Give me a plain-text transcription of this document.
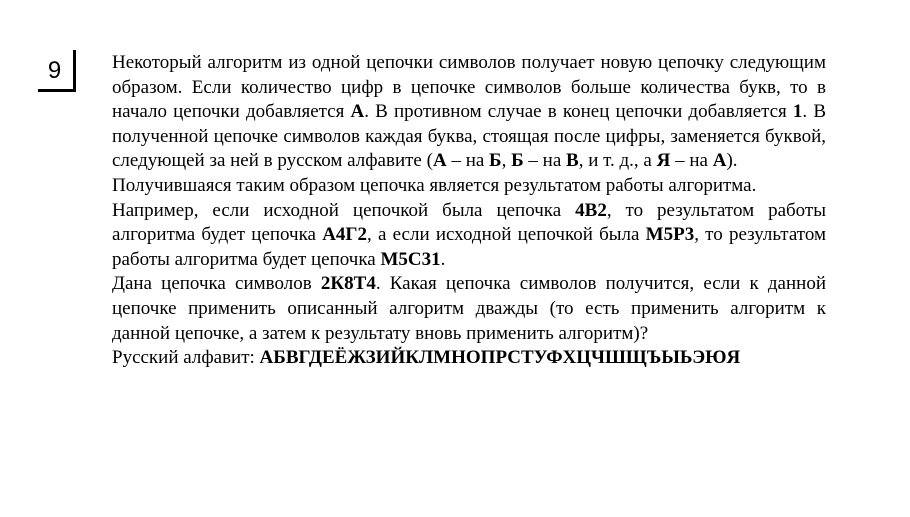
9	Некоторый алгоритм из одной цепочки символов получает новую цепочку следующим образом. Если количество цифр в цепочке символов больше количества букв, то в начало цепочки добавляется А. В противном случае в конец цепочки добавляется 1. В полученной цепочке символов каждая буква, стоящая после цифры, заменяется буквой, следующей за ней в русском алфавите (А – на Б, Б – на В, и т. д., а Я – на А).

Получившаяся таким образом цепочка является результатом работы алгоритма.

Например, если исходной цепочкой была цепочка 4В2, то результатом работы алгоритма будет цепочка А4Г2, а если исходной цепочкой была М5Р3, то результатом работы алгоритма будет цепочка М5С31.

Дана цепочка символов 2К8Т4. Какая цепочка символов получится, если к данной цепочке применить описанный алгоритм дважды (то есть применить алгоритм к данной цепочке, а затем к результату вновь применить алгоритм)?

Русский алфавит: АБВГДЕЁЖЗИЙКЛМНОПРСТУФХЦЧШЩЪЫЬЭЮЯ
